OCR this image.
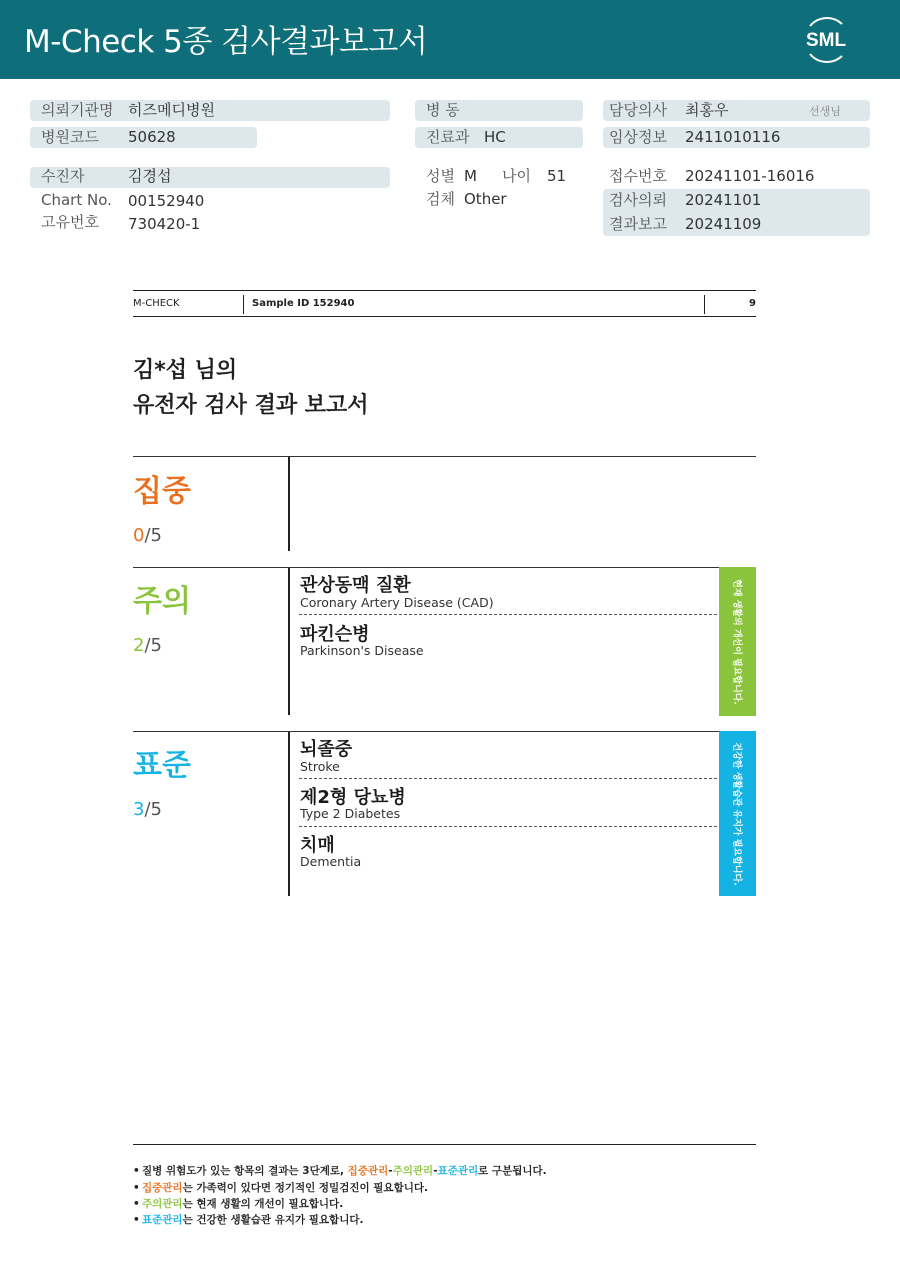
M-Check 5종 검사결과보고서	SML
의뢰기관명 히즈메디병원
병원코드 50628
병 동
진료과 HC
담당의사 최홍우	선생님
임상정보 2411010116
수진자	김경섭
Chart No. 00152940
고유번호 730420-1
성별 M 나이 51
검체 Other
접수번호 20241101-16016
검사의뢰 20241101
결과보고 20241109
M-CHECK	Sample ID 152940	9
김*섭 님의
유전자 검사 결과 보고서
집중
0/5
주의
2/5
관상동맥 질환
Coronary Artery Disease (CAD)
파킨슨병
Parkinson's Disease	현재 생활의 개선이 필요합니다.
표준
3/5
뇌졸중
Stroke
제2형 당뇨병
Type 2 Diabetes
치매
Dementia	건강한 생활습관 유지가 필요합니다.
• 질병 위험도가 있는 항목의 결과는 3단계로, 집중관리-주의관리-표준관리로 구분됩니다.
• 집중관리는 가족력이 있다면 정기적인 정밀검진이 필요합니다.
• 주의관리는 현재 생활의 개선이 필요합니다.
• 표준관리는 건강한 생활습관 유지가 필요합니다.
